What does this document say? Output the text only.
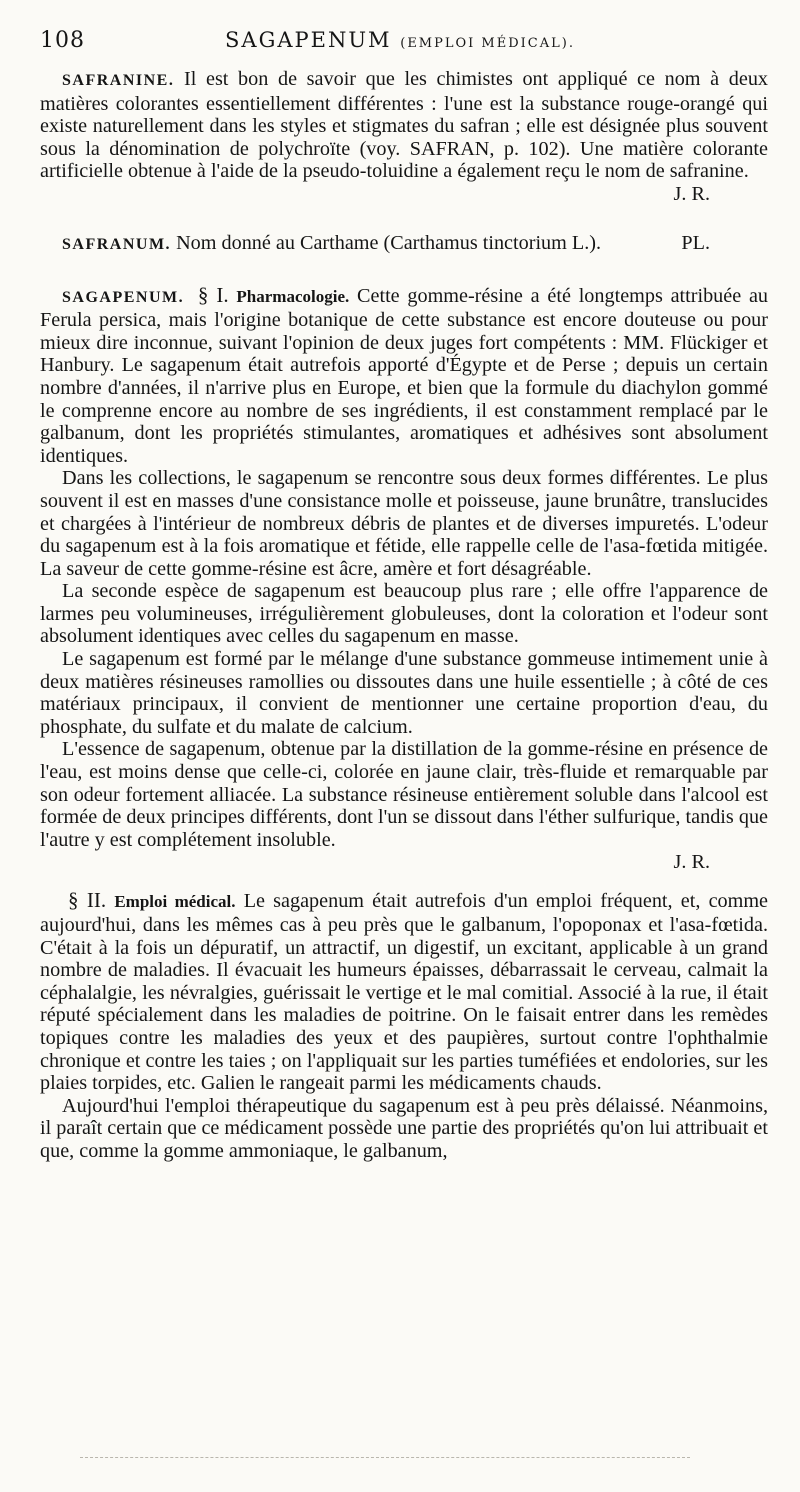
108	SAGAPENUM (EMPLOI MÉDICAL).

SAFRANINE. Il est bon de savoir que les chimistes ont appliqué ce nom à deux matières colorantes essentiellement différentes : l'une est la substance rouge-orangé qui existe naturellement dans les styles et stigmates du safran ; elle est désignée plus souvent sous la dénomination de polychroïte (voy. SAFRAN, p. 102). Une matière colorante artificielle obtenue à l'aide de la pseudo-toluidine a également reçu le nom de safranine.

J. R.

SAFRANUM. Nom donné au Carthame (Carthamus tinctorium L.).	PL.

SAGAPENUM. § I. Pharmacologie. Cette gomme-résine a été longtemps attribuée au Ferula persica, mais l'origine botanique de cette substance est encore douteuse ou pour mieux dire inconnue, suivant l'opinion de deux juges fort compétents : MM. Flückiger et Hanbury. Le sagapenum était autrefois apporté d'Égypte et de Perse ; depuis un certain nombre d'années, il n'arrive plus en Europe, et bien que la formule du diachylon gommé le comprenne encore au nombre de ses ingrédients, il est constamment remplacé par le galbanum, dont les propriétés stimulantes, aromatiques et adhésives sont absolument identiques.

Dans les collections, le sagapenum se rencontre sous deux formes différentes. Le plus souvent il est en masses d'une consistance molle et poisseuse, jaune brunâtre, translucides et chargées à l'intérieur de nombreux débris de plantes et de diverses impuretés. L'odeur du sagapenum est à la fois aromatique et fétide, elle rappelle celle de l'asa-fœtida mitigée. La saveur de cette gomme-résine est âcre, amère et fort désagréable.

La seconde espèce de sagapenum est beaucoup plus rare ; elle offre l'apparence de larmes peu volumineuses, irrégulièrement globuleuses, dont la coloration et l'odeur sont absolument identiques avec celles du sagapenum en masse.

Le sagapenum est formé par le mélange d'une substance gommeuse intimement unie à deux matières résineuses ramollies ou dissoutes dans une huile essentielle ; à côté de ces matériaux principaux, il convient de mentionner une certaine proportion d'eau, du phosphate, du sulfate et du malate de calcium.

L'essence de sagapenum, obtenue par la distillation de la gomme-résine en présence de l'eau, est moins dense que celle-ci, colorée en jaune clair, très-fluide et remarquable par son odeur fortement alliacée. La substance résineuse entièrement soluble dans l'alcool est formée de deux principes différents, dont l'un se dissout dans l'éther sulfurique, tandis que l'autre y est complétement insoluble.

J. R.

§ II. Emploi médical. Le sagapenum était autrefois d'un emploi fréquent, et, comme aujourd'hui, dans les mêmes cas à peu près que le galbanum, l'opoponax et l'asa-fœtida. C'était à la fois un dépuratif, un attractif, un digestif, un excitant, applicable à un grand nombre de maladies. Il évacuait les humeurs épaisses, débarrassait le cerveau, calmait la céphalalgie, les névralgies, guérissait le vertige et le mal comitial. Associé à la rue, il était réputé spécialement dans les maladies de poitrine. On le faisait entrer dans les remèdes topiques contre les maladies des yeux et des paupières, surtout contre l'ophthalmie chronique et contre les taies ; on l'appliquait sur les parties tuméfiées et endolories, sur les plaies torpides, etc. Galien le rangeait parmi les médicaments chauds.

Aujourd'hui l'emploi thérapeutique du sagapenum est à peu près délaissé. Néanmoins, il paraît certain que ce médicament possède une partie des propriétés qu'on lui attribuait et que, comme la gomme ammoniaque, le galbanum,
